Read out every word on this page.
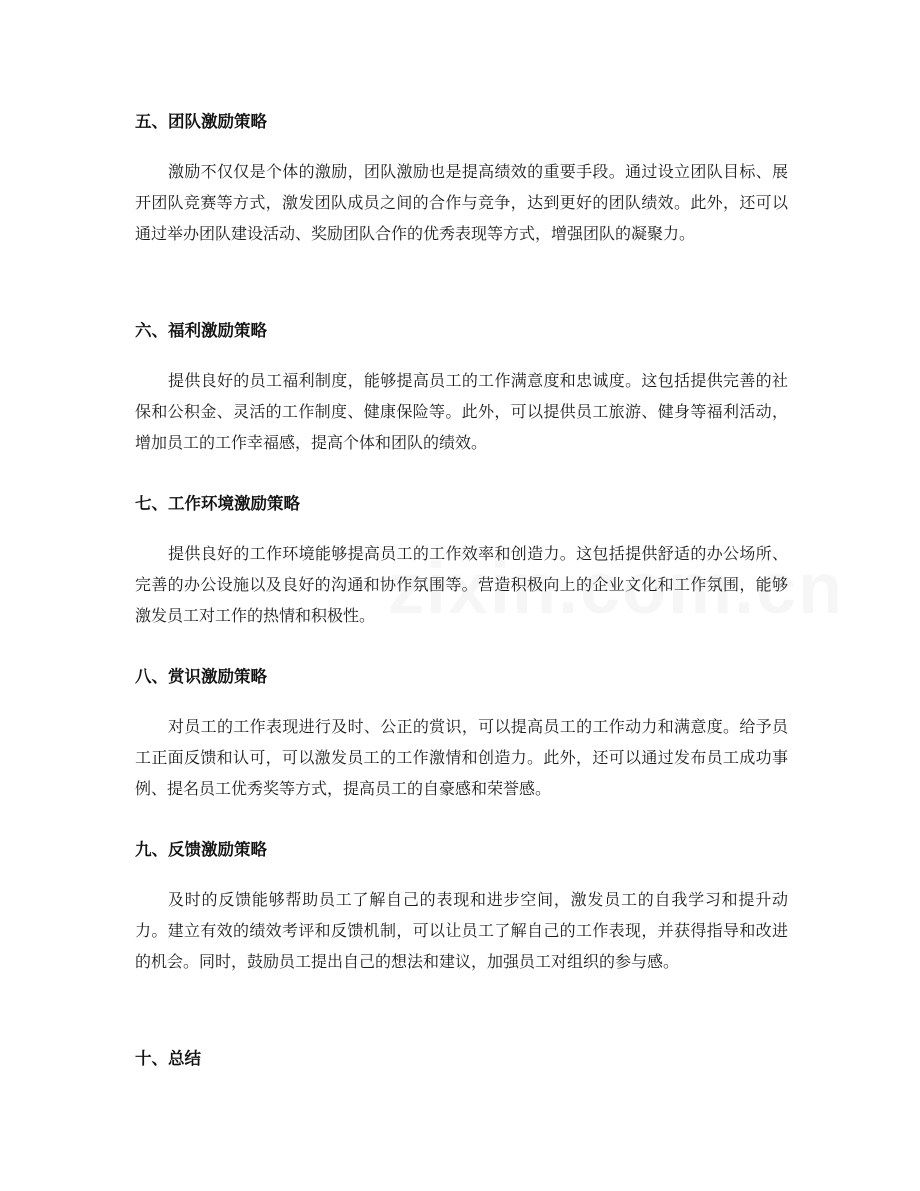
五、团队激励策略

激励不仅仅是个体的激励，团队激励也是提高绩效的重要手段。通过设立团队目标、展开团队竞赛等方式，激发团队成员之间的合作与竞争，达到更好的团队绩效。此外，还可以通过举办团队建设活动、奖励团队合作的优秀表现等方式，增强团队的凝聚力。

六、福利激励策略

提供良好的员工福利制度，能够提高员工的工作满意度和忠诚度。这包括提供完善的社保和公积金、灵活的工作制度、健康保险等。此外，可以提供员工旅游、健身等福利活动，增加员工的工作幸福感，提高个体和团队的绩效。

七、工作环境激励策略

提供良好的工作环境能够提高员工的工作效率和创造力。这包括提供舒适的办公场所、完善的办公设施以及良好的沟通和协作氛围等。营造积极向上的企业文化和工作氛围，能够激发员工对工作的热情和积极性。

八、赏识激励策略

对员工的工作表现进行及时、公正的赏识，可以提高员工的工作动力和满意度。给予员工正面反馈和认可，可以激发员工的工作激情和创造力。此外，还可以通过发布员工成功事例、提名员工优秀奖等方式，提高员工的自豪感和荣誉感。

九、反馈激励策略

及时的反馈能够帮助员工了解自己的表现和进步空间，激发员工的自我学习和提升动力。建立有效的绩效考评和反馈机制，可以让员工了解自己的工作表现，并获得指导和改进的机会。同时，鼓励员工提出自己的想法和建议，加强员工对组织的参与感。

十、总结
